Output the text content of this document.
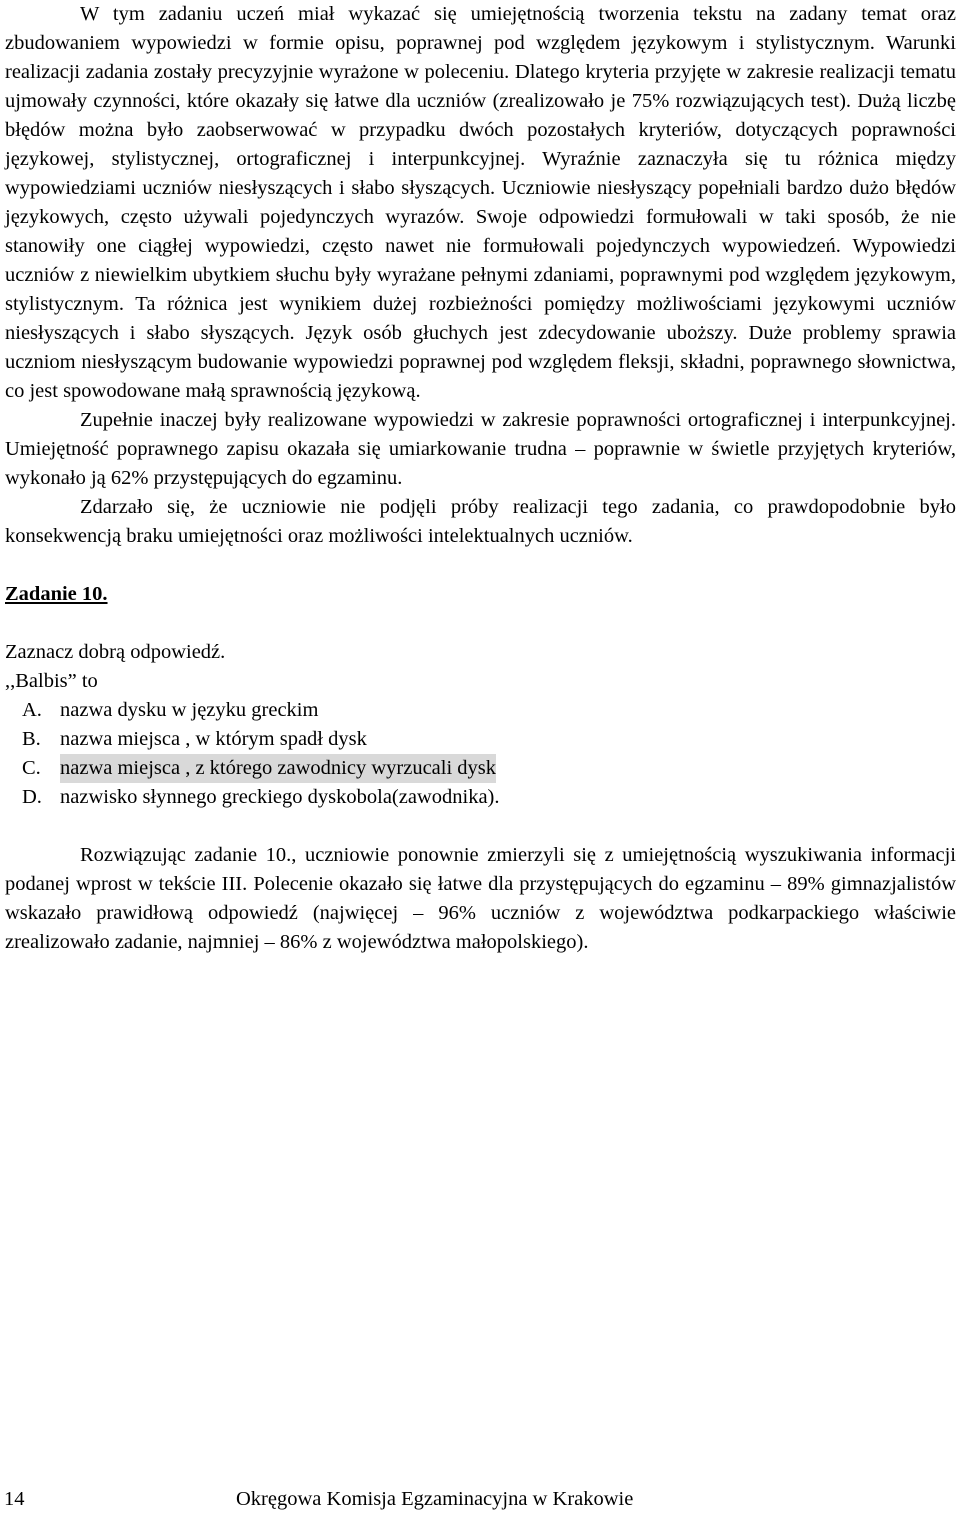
W tym zadaniu uczeń miał wykazać się umiejętnością tworzenia tekstu na zadany temat oraz zbudowaniem wypowiedzi w formie opisu, poprawnej pod względem językowym i stylistycznym. Warunki realizacji zadania zostały precyzyjnie wyrażone w poleceniu. Dlatego kryteria przyjęte w zakresie realizacji tematu ujmowały czynności, które okazały się łatwe dla uczniów (zrealizowało je 75% rozwiązujących test). Dużą liczbę błędów można było zaobserwować w przypadku dwóch pozostałych kryteriów, dotyczących poprawności językowej, stylistycznej, ortograficznej i interpunkcyjnej. Wyraźnie zaznaczyła się tu różnica między wypowiedziami uczniów niesłyszących i słabo słyszących. Uczniowie niesłyszący popełniali bardzo dużo błędów językowych, często używali pojedynczych wyrazów. Swoje odpowiedzi formułowali w taki sposób, że nie stanowiły one ciągłej wypowiedzi, często nawet nie formułowali pojedynczych wypowiedzeń. Wypowiedzi uczniów z niewielkim ubytkiem słuchu były wyrażane pełnymi zdaniami, poprawnymi pod względem językowym, stylistycznym. Ta różnica jest wynikiem dużej rozbieżności pomiędzy możliwościami językowymi uczniów niesłyszących i słabo słyszących. Język osób głuchych jest zdecydowanie uboższy. Duże problemy sprawia uczniom niesłyszącym budowanie wypowiedzi poprawnej pod względem fleksji, składni, poprawnego słownictwa, co jest spowodowane małą sprawnością językową.

Zupełnie inaczej były realizowane wypowiedzi w zakresie poprawności ortograficznej i interpunkcyjnej. Umiejętność poprawnego zapisu okazała się umiarkowanie trudna – poprawnie w świetle przyjętych kryteriów, wykonało ją 62% przystępujących do egzaminu.

Zdarzało się, że uczniowie nie podjęli próby realizacji tego zadania, co prawdopodobnie było konsekwencją braku umiejętności oraz możliwości intelektualnych uczniów.

Zadanie 10.

Zaznacz dobrą odpowiedź.

,,Balbis” to

A. nazwa dysku w języku greckim
B. nazwa miejsca , w którym spadł dysk
C. nazwa miejsca , z którego zawodnicy wyrzucali dysk
D. nazwisko słynnego greckiego dyskobola(zawodnika).

Rozwiązując zadanie 10., uczniowie ponownie zmierzyli się z umiejętnością wyszukiwania informacji podanej wprost w tekście III. Polecenie okazało się łatwe dla przystępujących do egzaminu – 89% gimnazjalistów wskazało prawidłową odpowiedź (najwięcej – 96% uczniów z województwa podkarpackiego właściwie zrealizowało zadanie, najmniej – 86% z województwa małopolskiego).

14	Okręgowa Komisja Egzaminacyjna w Krakowie
